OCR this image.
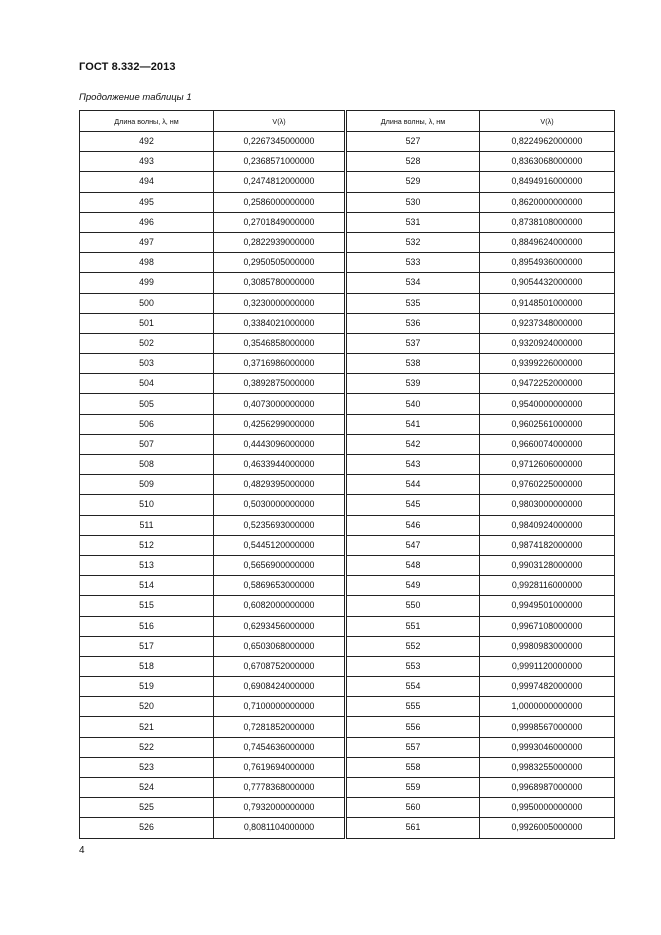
ГОСТ 8.332—2013
Продолжение таблицы 1
Длина волны, λ, нм	V(λ)	Длина волны, λ, нм	V(λ)
492	0,2267345000000	527	0,8224962000000
493	0,2368571000000	528	0,8363068000000
494	0,2474812000000	529	0,8494916000000
495	0,2586000000000	530	0,8620000000000
496	0,2701849000000	531	0,8738108000000
497	0,2822939000000	532	0,8849624000000
498	0,2950505000000	533	0,8954936000000
499	0,3085780000000	534	0,9054432000000
500	0,3230000000000	535	0,9148501000000
501	0,3384021000000	536	0,9237348000000
502	0,3546858000000	537	0,9320924000000
503	0,3716986000000	538	0,9399226000000
504	0,3892875000000	539	0,9472252000000
505	0,4073000000000	540	0,9540000000000
506	0,4256299000000	541	0,9602561000000
507	0,4443096000000	542	0,9660074000000
508	0,4633944000000	543	0,9712606000000
509	0,4829395000000	544	0,9760225000000
510	0,5030000000000	545	0,9803000000000
511	0,5235693000000	546	0,9840924000000
512	0,5445120000000	547	0,9874182000000
513	0,5656900000000	548	0,9903128000000
514	0,5869653000000	549	0,9928116000000
515	0,6082000000000	550	0,9949501000000
516	0,6293456000000	551	0,9967108000000
517	0,6503068000000	552	0,9980983000000
518	0,6708752000000	553	0,9991120000000
519	0,6908424000000	554	0,9997482000000
520	0,7100000000000	555	1,0000000000000
521	0,7281852000000	556	0,9998567000000
522	0,7454636000000	557	0,9993046000000
523	0,7619694000000	558	0,9983255000000
524	0,7778368000000	559	0,9968987000000
525	0,7932000000000	560	0,9950000000000
526	0,8081104000000	561	0,9926005000000
4
